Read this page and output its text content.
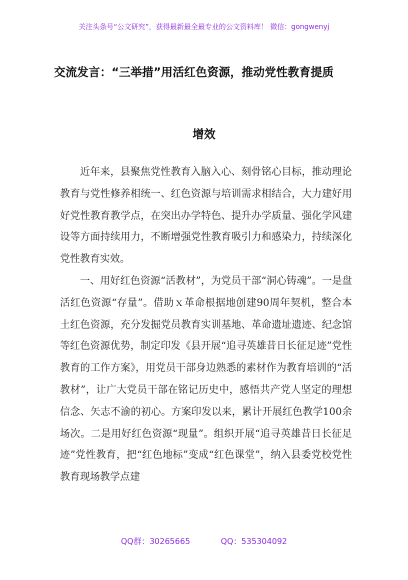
关注头条号“公文研究”，获得最新最全最专业的公文资料库！ 微信：gongwenyj
交流发言：“三举措”用活红色资源，推动党性教育提质
增效

近年来，县聚焦党性教育入脑入心、刻骨铭心目标，推动理论教育与党性修养相统一、红色资源与培训需求相结合，大力建好用好党性教育教学点，在突出办学特色、提升办学质量、强化学风建设等方面持续用力，不断增强党性教育吸引力和感染力，持续深化党性教育实效。

一、用好红色资源“活教材”，为党员干部“洞心铸魂”。一是盘活红色资源“存量”。借助ｘ革命根据地创建90周年契机，整合本土红色资源，充分发掘党员教育实训基地、革命遗址遗迹、纪念馆等红色资源优势，制定印发《县开展“追寻英雄昔日长征足迹”党性教育的工作方案》，用党员干部身边熟悉的素材作为教育培训的“活教材”，让广大党员干部在铭记历史中，感悟共产党人坚定的理想信念、矢志不渝的初心。方案印发以来，累计开展红色教学100余场次。二是用好红色资源“现量”。组织开展“追寻英雄昔日长征足迹”党性教育，把“红色地标”变成“红色课堂”，纳入县委党校党性教育现场教学点建

QQ群：30265665	QQ：535304092
